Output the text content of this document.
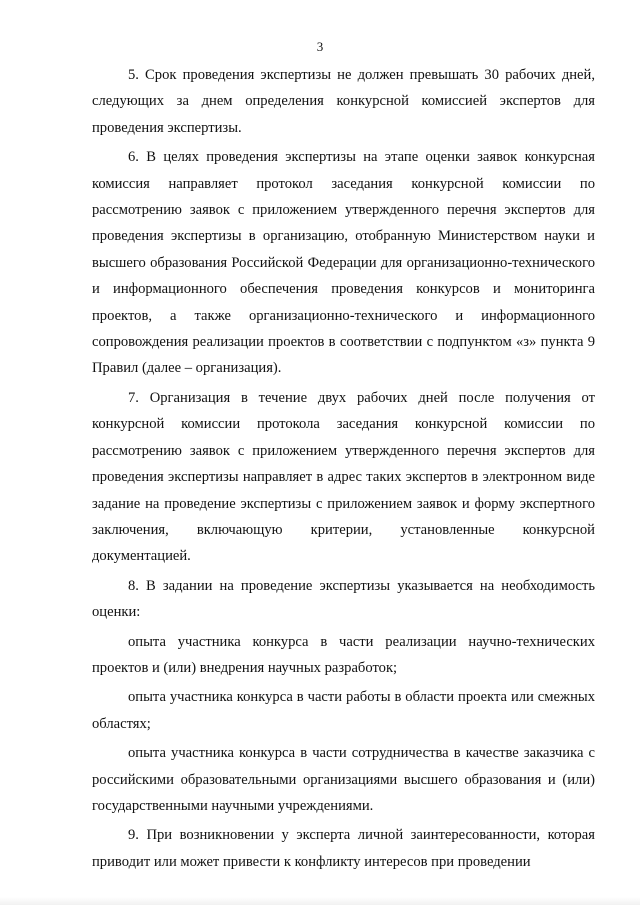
3

5. Срок проведения экспертизы не должен превышать 30 рабочих дней, следующих за днем определения конкурсной комиссией экспертов для проведения экспертизы.

6. В целях проведения экспертизы на этапе оценки заявок конкурсная комиссия направляет протокол заседания конкурсной комиссии по рассмотрению заявок с приложением утвержденного перечня экспертов для проведения экспертизы в организацию, отобранную Министерством науки и высшего образования Российской Федерации для организационно-технического и информационного обеспечения проведения конкурсов и мониторинга проектов, а также организационно-технического и информационного сопровождения реализации проектов в соответствии с подпунктом «з» пункта 9 Правил (далее – организация).

7. Организация в течение двух рабочих дней после получения от конкурсной комиссии протокола заседания конкурсной комиссии по рассмотрению заявок с приложением утвержденного перечня экспертов для проведения экспертизы направляет в адрес таких экспертов в электронном виде задание на проведение экспертизы с приложением заявок и форму экспертного заключения, включающую критерии, установленные конкурсной документацией.

8. В задании на проведение экспертизы указывается на необходимость оценки:

опыта участника конкурса в части реализации научно-технических проектов и (или) внедрения научных разработок;

опыта участника конкурса в части работы в области проекта или смежных областях;

опыта участника конкурса в части сотрудничества в качестве заказчика с российскими образовательными организациями высшего образования и (или) государственными научными учреждениями.

9. При возникновении у эксперта личной заинтересованности, которая приводит или может привести к конфликту интересов при проведении
